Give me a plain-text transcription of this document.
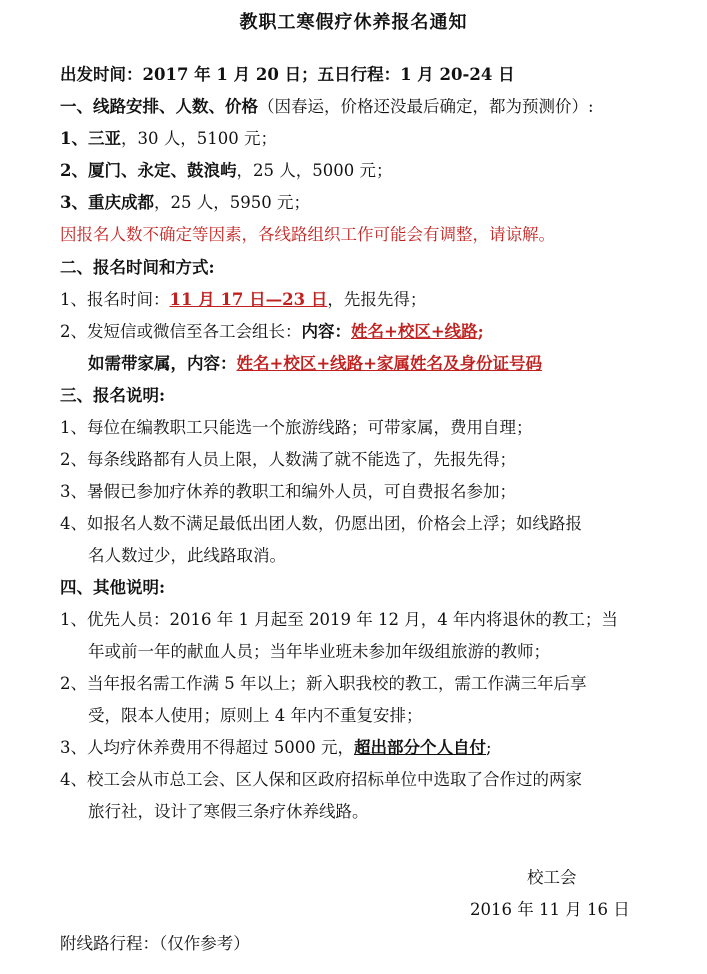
教职工寒假疗休养报名通知
出发时间：2017 年 1 月 20 日；五日行程：1 月 20-24 日
一、线路安排、人数、价格（因春运，价格还没最后确定，都为预测价）:
1、三亚，30 人，5100 元；
2、厦门、永定、鼓浪屿，25 人，5000 元；
3、重庆成都，25 人，5950 元；
因报名人数不确定等因素，各线路组织工作可能会有调整，请谅解。
二、报名时间和方式:
1、报名时间：11 月 17 日—23 日，先报先得；
2、发短信或微信至各工会组长：内容：姓名+校区+线路;
如需带家属，内容：姓名+校区+线路+家属姓名及身份证号码
三、报名说明:
1、每位在编教职工只能选一个旅游线路；可带家属，费用自理；
2、每条线路都有人员上限，人数满了就不能选了，先报先得；
3、暑假已参加疗休养的教职工和编外人员，可自费报名参加；
4、如报名人数不满足最低出团人数，仍愿出团，价格会上浮；如线路报
名人数过少，此线路取消。
四、其他说明:
1、优先人员：2016 年 1 月起至 2019 年 12 月，4 年内将退休的教工；当
年或前一年的献血人员；当年毕业班未参加年级组旅游的教师；
2、当年报名需工作满 5 年以上；新入职我校的教工，需工作满三年后享
受，限本人使用；原则上 4 年内不重复安排；
3、人均疗休养费用不得超过 5000 元，超出部分个人自付;
4、校工会从市总工会、区人保和区政府招标单位中选取了合作过的两家
旅行社，设计了寒假三条疗休养线路。
校工会
2016 年 11 月 16 日
附线路行程：（仅作参考）
